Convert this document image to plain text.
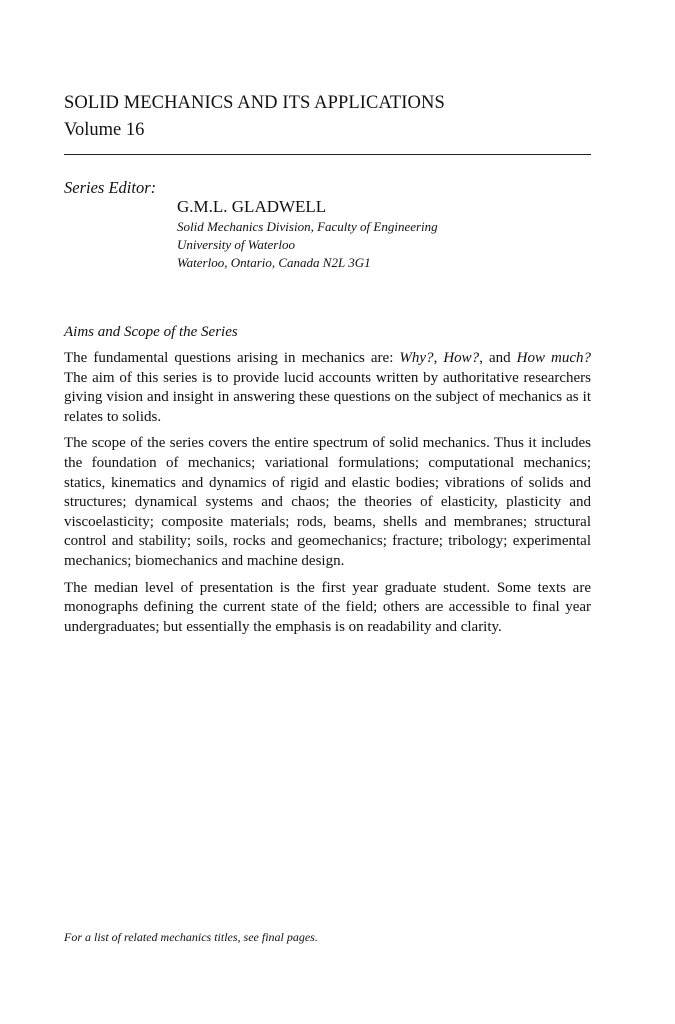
SOLID MECHANICS AND ITS APPLICATIONS
Volume 16
Series Editor:
G.M.L. GLADWELL
Solid Mechanics Division, Faculty of Engineering
University of Waterloo
Waterloo, Ontario, Canada N2L 3G1
Aims and Scope of the Series

The fundamental questions arising in mechanics are: Why?, How?, and How much? The aim of this series is to provide lucid accounts written by authoritative researchers giving vision and insight in answering these questions on the subject of mechanics as it relates to solids.

The scope of the series covers the entire spectrum of solid mechanics. Thus it includes the foundation of mechanics; variational formulations; computational mechanics; statics, kinematics and dynamics of rigid and elastic bodies; vibrations of solids and structures; dynamical systems and chaos; the theories of elasticity, plasticity and viscoelasticity; composite materials; rods, beams, shells and membranes; structural control and stability; soils, rocks and geomechanics; fracture; tribology; experimental mechanics; biomechanics and machine design.

The median level of presentation is the first year graduate student. Some texts are monographs defining the current state of the field; others are accessible to final year undergraduates; but essentially the emphasis is on readability and clarity.

For a list of related mechanics titles, see final pages.
